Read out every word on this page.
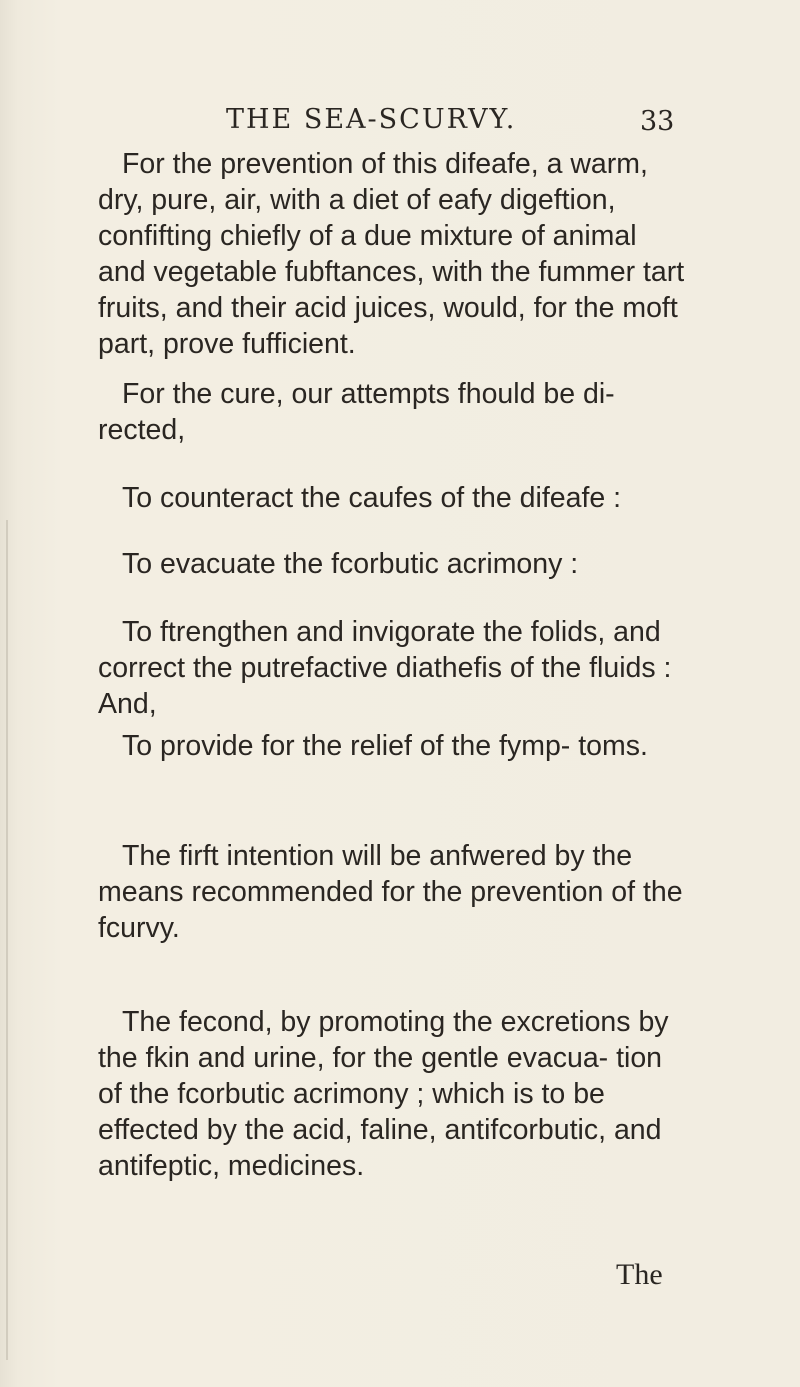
THE SEA-SCURVY.	33

For the prevention of this difeafe, a warm, dry, pure, air, with a diet of eafy digeftion, confifting chiefly of a due mixture of animal and vegetable fubftances, with the fummer tart fruits, and their acid juices, would, for the moft part, prove fufficient.

For the cure, our attempts fhould be di- rected,

To counteract the caufes of the difeafe :

To evacuate the fcorbutic acrimony :

To ftrengthen and invigorate the folids, and correct the putrefactive diathefis of the fluids : And,

To provide for the relief of the fymp- toms.

The firft intention will be anfwered by the means recommended for the prevention of the fcurvy.

The fecond, by promoting the excretions by the fkin and urine, for the gentle evacua- tion of the fcorbutic acrimony ; which is to be effected by the acid, faline, antifcorbutic, and antifeptic, medicines.

The
